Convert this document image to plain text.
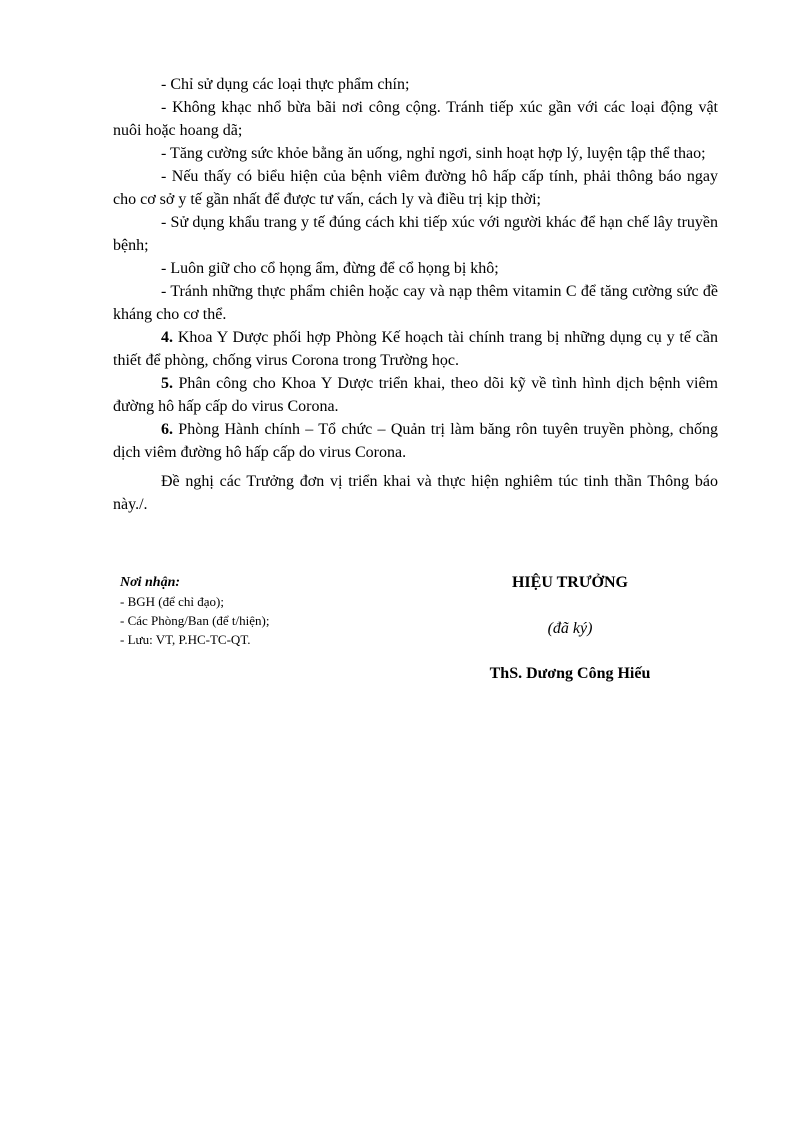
- Chỉ sử dụng các loại thực phẩm chín;

- Không khạc nhổ bừa bãi nơi công cộng. Tránh tiếp xúc gần với các loại động vật nuôi hoặc hoang dã;

- Tăng cường sức khỏe bằng ăn uống, nghỉ ngơi, sinh hoạt hợp lý, luyện tập thể thao;

- Nếu thấy có biểu hiện của bệnh viêm đường hô hấp cấp tính, phải thông báo ngay cho cơ sở y tế gần nhất để được tư vấn, cách ly và điều trị kịp thời;

- Sử dụng khẩu trang y tế đúng cách khi tiếp xúc với người khác để hạn chế lây truyền bệnh;

- Luôn giữ cho cổ họng ẩm, đừng để cổ họng bị khô;

- Tránh những thực phẩm chiên hoặc cay và nạp thêm vitamin C để tăng cường sức đề kháng cho cơ thể.

4. Khoa Y Dược phối hợp Phòng Kế hoạch tài chính trang bị những dụng cụ y tế cần thiết để phòng, chống virus Corona trong Trường học.

5. Phân công cho Khoa Y Dược triển khai, theo dõi kỹ về tình hình dịch bệnh viêm đường hô hấp cấp do virus Corona.

6. Phòng Hành chính – Tổ chức – Quản trị làm băng rôn tuyên truyền phòng, chống dịch viêm đường hô hấp cấp do virus Corona.

Đề nghị các Trưởng đơn vị triển khai và thực hiện nghiêm túc tinh thần Thông báo này./.

Nơi nhận:
- BGH (để chỉ đạo);
- Các Phòng/Ban (để t/hiện);
- Lưu: VT, P.HC-TC-QT.
HIỆU TRƯỞNG
(đã ký)
ThS. Dương Công Hiếu
